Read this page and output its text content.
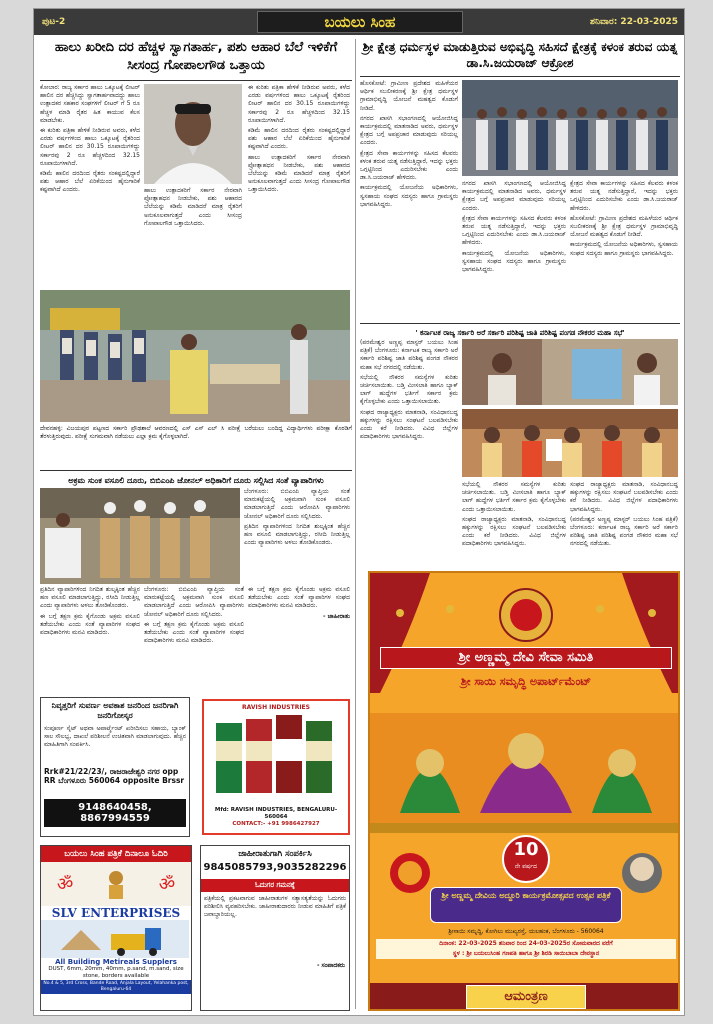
ಪುಟ-2	ಬಯಲು ಸಿಂಹ	ಶನಿವಾರ: 22-03-2025
ಹಾಲು ಖರೀದಿ ದರ ಹೆಚ್ಚಳ ಸ್ವಾಗತಾರ್ಹ, ಪಶು ಆಹಾರ ಬೆಲೆ ಇಳಿಕೆಗೆ ಸೀಸಂದ್ರ ಗೋಪಾಲಗೌಡ ಒತ್ತಾಯ

ಕೋಲಾರ: ರಾಜ್ಯ ಸರ್ಕಾರ ಹಾಲು ಒಕ್ಕೂಟಕ್ಕೆ ಲೀಟರ್ ಹಾಲಿನ ದರ ಹೆಚ್ಚಿಸಿದ್ದು ಸ್ವಾಗತಾರ್ಹವಾದದ್ದು ಹಾಲು ಉತ್ಪಾದಕರ ಸಹಕಾರ ಸಂಘಗಳಿಗೆ ಲೀಟರ್ ಗೆ 5 ರೂ ಹೆಚ್ಚಳ ಮಾಡಿ ರೈತರ ಹಿತ ಕಾಯುವ ಕೆಲಸ ಮಾಡಬೇಕು.

ಈ ಕುರಿತು ಪತ್ರಿಕಾ ಹೇಳಿಕೆ ನೀಡಿರುವ ಅವರು, ಕಳೆದ ಎರಡು ವರ್ಷಗಳಿಂದ ಹಾಲು ಒಕ್ಕೂಟಕ್ಕೆ ರೈತರಿಂದ ಲೀಟರ್ ಹಾಲಿನ ದರ 30.15 ರೂಪಾಯಿಗಳಿದ್ದು ಸರ್ಕಾರವು 2 ರೂ ಹೆಚ್ಚಳದಿಂದ 32.15 ರೂಪಾಯಿಗಳಾಗಿದೆ.

ಕಡಿಮೆ ಹಾಲಿನ ದರದಿಂದ ರೈತರು ಸಂಕಷ್ಟದಲ್ಲಿದ್ದಾರೆ ಪಶು ಆಹಾರ ಬೆಲೆ ಏರಿಕೆಯಿಂದ ಹೈನುಗಾರಿಕೆ ಕಷ್ಟವಾಗಿದೆ ಎಂದರು.	ಹಾಲು ಉತ್ಪಾದಕರಿಗೆ ಸರ್ಕಾರ ನೇರವಾಗಿ ಪ್ರೋತ್ಸಾಹಧನ ನೀಡಬೇಕು, ಪಶು ಆಹಾರದ ಬೆಲೆಯನ್ನು ಕಡಿಮೆ ಮಾಡಿದರೆ ಮಾತ್ರ ರೈತರಿಗೆ ಅನುಕೂಲವಾಗುತ್ತದೆ ಎಂದು ಸೀಸಂದ್ರ ಗೋಪಾಲಗೌಡ ಒತ್ತಾಯಿಸಿದರು.

ಈ ಕುರಿತು ಪತ್ರಿಕಾ ಹೇಳಿಕೆ ನೀಡಿರುವ ಅವರು, ಕಳೆದ ಎರಡು ವರ್ಷಗಳಿಂದ ಹಾಲು ಒಕ್ಕೂಟಕ್ಕೆ ರೈತರಿಂದ ಲೀಟರ್ ಹಾಲಿನ ದರ 30.15 ರೂಪಾಯಿಗಳಿದ್ದು ಸರ್ಕಾರವು 2 ರೂ ಹೆಚ್ಚಳದಿಂದ 32.15 ರೂಪಾಯಿಗಳಾಗಿದೆ.

ಕಡಿಮೆ ಹಾಲಿನ ದರದಿಂದ ರೈತರು ಸಂಕಷ್ಟದಲ್ಲಿದ್ದಾರೆ ಪಶು ಆಹಾರ ಬೆಲೆ ಏರಿಕೆಯಿಂದ ಹೈನುಗಾರಿಕೆ ಕಷ್ಟವಾಗಿದೆ ಎಂದರು.

ಹಾಲು ಉತ್ಪಾದಕರಿಗೆ ಸರ್ಕಾರ ನೇರವಾಗಿ ಪ್ರೋತ್ಸಾಹಧನ ನೀಡಬೇಕು, ಪಶು ಆಹಾರದ ಬೆಲೆಯನ್ನು ಕಡಿಮೆ ಮಾಡಿದರೆ ಮಾತ್ರ ರೈತರಿಗೆ ಅನುಕೂಲವಾಗುತ್ತದೆ ಎಂದು ಸೀಸಂದ್ರ ಗೋಪಾಲಗೌಡ ಒತ್ತಾಯಿಸಿದರು.

ದೇವನಹಳ್ಳಿ: ವಿಜಯಪುರ ಪಟ್ಟಣದ ಸರ್ಕಾರಿ ಪ್ರೌಢಶಾಲೆ ಆವರಣದಲ್ಲಿ ಎಸ್ ಎಸ್ ಎಲ್ ಸಿ ಪರೀಕ್ಷೆ ಬರೆಯಲು ಬಂದಿದ್ದ ವಿದ್ಯಾರ್ಥಿಗಳು ಪರೀಕ್ಷಾ ಕೊಠಡಿಗೆ ತೆರಳುತ್ತಿರುವುದು. ಪರೀಕ್ಷೆ ಸುಗಮವಾಗಿ ನಡೆಯಲು ಎಲ್ಲಾ ಕ್ರಮ ಕೈಗೊಳ್ಳಲಾಗಿದೆ.
ಅಕ್ರಮ ಸುಂಕ ವಸೂಲಿ ದೂರು, ಬಿಬಿಎಂಪಿ ಜೋನಲ್ ಅಧಿಕಾರಿಗೆ ದೂರು ಸಲ್ಲಿಸಿದ ಸಂತೆ ವ್ಯಾಪಾರಿಗಳು

ಬೆಂಗಳೂರು: ಬಿಬಿಎಂಪಿ ವ್ಯಾಪ್ತಿಯ ಸಂತೆ ಮಾರುಕಟ್ಟೆಯಲ್ಲಿ ಅಕ್ರಮವಾಗಿ ಸುಂಕ ವಸೂಲಿ ಮಾಡಲಾಗುತ್ತಿದೆ ಎಂದು ಆರೋಪಿಸಿ ವ್ಯಾಪಾರಿಗಳು ಜೋನಲ್ ಅಧಿಕಾರಿಗೆ ದೂರು ಸಲ್ಲಿಸಿದರು.

ಪ್ರತಿದಿನ ವ್ಯಾಪಾರಿಗಳಿಂದ ನಿಗದಿತ ಶುಲ್ಕಕ್ಕಿಂತ ಹೆಚ್ಚಿನ ಹಣ ವಸೂಲಿ ಮಾಡಲಾಗುತ್ತಿದ್ದು, ರಸೀದಿ ನೀಡುತ್ತಿಲ್ಲ ಎಂದು ವ್ಯಾಪಾರಿಗಳು ಅಳಲು ತೋಡಿಕೊಂಡರು.

ಪ್ರತಿದಿನ ವ್ಯಾಪಾರಿಗಳಿಂದ ನಿಗದಿತ ಶುಲ್ಕಕ್ಕಿಂತ ಹೆಚ್ಚಿನ ಹಣ ವಸೂಲಿ ಮಾಡಲಾಗುತ್ತಿದ್ದು, ರಸೀದಿ ನೀಡುತ್ತಿಲ್ಲ ಎಂದು ವ್ಯಾಪಾರಿಗಳು ಅಳಲು ತೋಡಿಕೊಂಡರು.

ಈ ಬಗ್ಗೆ ತಕ್ಷಣ ಕ್ರಮ ಕೈಗೊಂಡು ಅಕ್ರಮ ವಸೂಲಿ ತಡೆಯಬೇಕು ಎಂದು ಸಂತೆ ವ್ಯಾಪಾರಿಗಳ ಸಂಘದ ಪದಾಧಿಕಾರಿಗಳು ಮನವಿ ಮಾಡಿದರು.

ಬೆಂಗಳೂರು: ಬಿಬಿಎಂಪಿ ವ್ಯಾಪ್ತಿಯ ಸಂತೆ ಮಾರುಕಟ್ಟೆಯಲ್ಲಿ ಅಕ್ರಮವಾಗಿ ಸುಂಕ ವಸೂಲಿ ಮಾಡಲಾಗುತ್ತಿದೆ ಎಂದು ಆರೋಪಿಸಿ ವ್ಯಾಪಾರಿಗಳು ಜೋನಲ್ ಅಧಿಕಾರಿಗೆ ದೂರು ಸಲ್ಲಿಸಿದರು.

ಈ ಬಗ್ಗೆ ತಕ್ಷಣ ಕ್ರಮ ಕೈಗೊಂಡು ಅಕ್ರಮ ವಸೂಲಿ ತಡೆಯಬೇಕು ಎಂದು ಸಂತೆ ವ್ಯಾಪಾರಿಗಳ ಸಂಘದ ಪದಾಧಿಕಾರಿಗಳು ಮನವಿ ಮಾಡಿದರು.

ಈ ಬಗ್ಗೆ ತಕ್ಷಣ ಕ್ರಮ ಕೈಗೊಂಡು ಅಕ್ರಮ ವಸೂಲಿ ತಡೆಯಬೇಕು ಎಂದು ಸಂತೆ ವ್ಯಾಪಾರಿಗಳ ಸಂಘದ ಪದಾಧಿಕಾರಿಗಳು ಮನವಿ ಮಾಡಿದರು.

- ಜಾಹೀರಾತು

ನಿವೃತ್ತರಿಗೆ ಸುವರ್ಣ ಅವಕಾಶ ಜನರಿಂದ ಜನರಿಗಾಗಿ ಜನರಿಗೋಸ್ಕರ
ಸಂಪೂರ್ಣ ಸೈಟ್ ಅಥವಾ ಅಪಾರ್ಟ್ಮೆಂಟ್ ಖರೀದಿಸಲು ಸಹಾಯ, ಬ್ಯಾಂಕ್ ಸಾಲ ಸೌಲಭ್ಯ, ದಾಖಲೆ ಪರಿಶೀಲನೆ ಉಚಿತವಾಗಿ ಮಾಡಲಾಗುವುದು. ಹೆಚ್ಚಿನ ಮಾಹಿತಿಗಾಗಿ ಸಂಪರ್ಕಿಸಿ.
Rrk#21/22/23/, ರಾಜರಾಜೇಶ್ವರಿ ನಗರ opp RR ಬೆಂಗಳೂರು 560064 opposite Brssr
9148640458, 8867994559
RAVISH INDUSTRIES
Mfd: RAVISH INDUSTRIES, BENGALURU-560064
CONTACT:- +91 9986427927
ಬಯಲು ಸಿಂಹ ಪತ್ರಿಕೆ ದಿನಾಲೂ ಓದಿರಿ
ॐ	ॐ
SLV ENTERPRISES
All Building Metireals Supplers
DUST, 6mm, 20mm, 40mm, p.sand, m.sand, size stone, borders available
No.4 & 5, 3rd Cross, Bande Road, Anjala Layout, Yelahanka post, Bengaluru-64
ಜಾಹೀರಾತುಗಾಗಿ ಸಂಪರ್ಕಿಸಿ
9845085793,9035282296
ಓದುಗರ ಗಮನಕ್ಕೆ
ಪತ್ರಿಕೆಯಲ್ಲಿ ಪ್ರಕಟವಾಗುವ ಜಾಹೀರಾತುಗಳ ಸತ್ಯಾಸತ್ಯತೆಯನ್ನು ಓದುಗರು ಪರಿಶೀಲಿಸಿ ವ್ಯವಹರಿಸಬೇಕು. ಜಾಹೀರಾತುದಾರರು ನೀಡುವ ಮಾಹಿತಿಗೆ ಪತ್ರಿಕೆ ಜವಾಬ್ದಾರಿಯಲ್ಲ.
- ಸಂಪಾದಕರು
ಶ್ರೀ ಕ್ಷೇತ್ರ ಧರ್ಮಸ್ಥಳ ಮಾಡುತ್ತಿರುವ ಅಭಿವೃದ್ಧಿ ಸಹಿಸದೆ ಕ್ಷೇತ್ರಕ್ಕೆ ಕಳಂಕ ತರುವ ಯತ್ನ ಡಾ.ಸಿ.ಜಯರಾಜ್ ಆಕ್ರೋಶ

ಹೊಸಕೋಟೆ: ಗ್ರಾಮೀಣ ಪ್ರದೇಶದ ಮಹಿಳೆಯರ ಆರ್ಥಿಕ ಸಬಲೀಕರಣಕ್ಕೆ ಶ್ರೀ ಕ್ಷೇತ್ರ ಧರ್ಮಸ್ಥಳ ಗ್ರಾಮಾಭಿವೃದ್ಧಿ ಯೋಜನೆ ಮಹತ್ವದ ಕೊಡುಗೆ ನೀಡಿದೆ.

ನಗರದ ಖಾಸಗಿ ಸಭಾಂಗಣದಲ್ಲಿ ಆಯೋಜಿಸಿದ್ದ ಕಾರ್ಯಕ್ರಮದಲ್ಲಿ ಮಾತನಾಡಿದ ಅವರು, ಧರ್ಮಸ್ಥಳ ಕ್ಷೇತ್ರದ ಬಗ್ಗೆ ಅಪಪ್ರಚಾರ ಮಾಡುವುದು ಸರಿಯಲ್ಲ ಎಂದರು.

ಕ್ಷೇತ್ರದ ಸೇವಾ ಕಾರ್ಯಗಳನ್ನು ಸಹಿಸದ ಕೆಲವರು ಕಳಂಕ ತರುವ ಯತ್ನ ನಡೆಸುತ್ತಿದ್ದಾರೆ, ಇದನ್ನು ಭಕ್ತರು ಒಗ್ಗಟ್ಟಿನಿಂದ ಎದುರಿಸಬೇಕು ಎಂದು ಡಾ.ಸಿ.ಜಯರಾಜ್ ಹೇಳಿದರು.

ಕಾರ್ಯಕ್ರಮದಲ್ಲಿ ಯೋಜನೆಯ ಅಧಿಕಾರಿಗಳು, ಸ್ವಸಹಾಯ ಸಂಘದ ಸದಸ್ಯರು ಹಾಗೂ ಗ್ರಾಮಸ್ಥರು ಭಾಗವಹಿಸಿದ್ದರು.

ನಗರದ ಖಾಸಗಿ ಸಭಾಂಗಣದಲ್ಲಿ ಆಯೋಜಿಸಿದ್ದ ಕಾರ್ಯಕ್ರಮದಲ್ಲಿ ಮಾತನಾಡಿದ ಅವರು, ಧರ್ಮಸ್ಥಳ ಕ್ಷೇತ್ರದ ಬಗ್ಗೆ ಅಪಪ್ರಚಾರ ಮಾಡುವುದು ಸರಿಯಲ್ಲ ಎಂದರು.

ಕ್ಷೇತ್ರದ ಸೇವಾ ಕಾರ್ಯಗಳನ್ನು ಸಹಿಸದ ಕೆಲವರು ಕಳಂಕ ತರುವ ಯತ್ನ ನಡೆಸುತ್ತಿದ್ದಾರೆ, ಇದನ್ನು ಭಕ್ತರು ಒಗ್ಗಟ್ಟಿನಿಂದ ಎದುರಿಸಬೇಕು ಎಂದು ಡಾ.ಸಿ.ಜಯರಾಜ್ ಹೇಳಿದರು.

ಕಾರ್ಯಕ್ರಮದಲ್ಲಿ ಯೋಜನೆಯ ಅಧಿಕಾರಿಗಳು, ಸ್ವಸಹಾಯ ಸಂಘದ ಸದಸ್ಯರು ಹಾಗೂ ಗ್ರಾಮಸ್ಥರು ಭಾಗವಹಿಸಿದ್ದರು.

ಕ್ಷೇತ್ರದ ಸೇವಾ ಕಾರ್ಯಗಳನ್ನು ಸಹಿಸದ ಕೆಲವರು ಕಳಂಕ ತರುವ ಯತ್ನ ನಡೆಸುತ್ತಿದ್ದಾರೆ, ಇದನ್ನು ಭಕ್ತರು ಒಗ್ಗಟ್ಟಿನಿಂದ ಎದುರಿಸಬೇಕು ಎಂದು ಡಾ.ಸಿ.ಜಯರಾಜ್ ಹೇಳಿದರು.

ಹೊಸಕೋಟೆ: ಗ್ರಾಮೀಣ ಪ್ರದೇಶದ ಮಹಿಳೆಯರ ಆರ್ಥಿಕ ಸಬಲೀಕರಣಕ್ಕೆ ಶ್ರೀ ಕ್ಷೇತ್ರ ಧರ್ಮಸ್ಥಳ ಗ್ರಾಮಾಭಿವೃದ್ಧಿ ಯೋಜನೆ ಮಹತ್ವದ ಕೊಡುಗೆ ನೀಡಿದೆ.

ಕಾರ್ಯಕ್ರಮದಲ್ಲಿ ಯೋಜನೆಯ ಅಧಿಕಾರಿಗಳು, ಸ್ವಸಹಾಯ ಸಂಘದ ಸದಸ್ಯರು ಹಾಗೂ ಗ್ರಾಮಸ್ಥರು ಭಾಗವಹಿಸಿದ್ದರು.

' ಕರ್ನಾಟಕ ರಾಜ್ಯ ಸರ್ಕಾರಿ ಅರೆ ಸರ್ಕಾರಿ ಪರಿಶಿಷ್ಟ ಜಾತಿ ಪರಿಶಿಷ್ಟ ಪಂಗಡ ನೌಕರರ ಮಹಾ ಸಭೆ'

(ಪರಮೇಶ್ವರ ಅಣ್ಣಪ್ಪ ಮಾಸ್ಟರ್ ಬಯಲು ಸಿಂಹ ಪತ್ರಿಕೆ) ಬೆಂಗಳೂರು: ಕರ್ನಾಟಕ ರಾಜ್ಯ ಸರ್ಕಾರಿ ಅರೆ ಸರ್ಕಾರಿ ಪರಿಶಿಷ್ಟ ಜಾತಿ ಪರಿಶಿಷ್ಟ ಪಂಗಡ ನೌಕರರ ಮಹಾ ಸಭೆ ನಗರದಲ್ಲಿ ನಡೆಯಿತು.

ಸಭೆಯಲ್ಲಿ ನೌಕರರ ಸಮಸ್ಯೆಗಳ ಕುರಿತು ಚರ್ಚಿಸಲಾಯಿತು. ಬಡ್ತಿ ಮೀಸಲಾತಿ ಹಾಗೂ ಬ್ಯಾಕ್ ಲಾಗ್ ಹುದ್ದೆಗಳ ಭರ್ತಿಗೆ ಸರ್ಕಾರ ಕ್ರಮ ಕೈಗೊಳ್ಳಬೇಕು ಎಂದು ಒತ್ತಾಯಿಸಲಾಯಿತು.

ಸಂಘದ ರಾಜ್ಯಾಧ್ಯಕ್ಷರು ಮಾತನಾಡಿ, ಸಂವಿಧಾನಬದ್ಧ ಹಕ್ಕುಗಳನ್ನು ರಕ್ಷಿಸಲು ಸಂಘಟನೆ ಬಲಪಡಿಸಬೇಕು ಎಂದು ಕರೆ ನೀಡಿದರು. ವಿವಿಧ ಜಿಲ್ಲೆಗಳ ಪದಾಧಿಕಾರಿಗಳು ಭಾಗವಹಿಸಿದ್ದರು.

ಸಭೆಯಲ್ಲಿ ನೌಕರರ ಸಮಸ್ಯೆಗಳ ಕುರಿತು ಚರ್ಚಿಸಲಾಯಿತು. ಬಡ್ತಿ ಮೀಸಲಾತಿ ಹಾಗೂ ಬ್ಯಾಕ್ ಲಾಗ್ ಹುದ್ದೆಗಳ ಭರ್ತಿಗೆ ಸರ್ಕಾರ ಕ್ರಮ ಕೈಗೊಳ್ಳಬೇಕು ಎಂದು ಒತ್ತಾಯಿಸಲಾಯಿತು.

ಸಂಘದ ರಾಜ್ಯಾಧ್ಯಕ್ಷರು ಮಾತನಾಡಿ, ಸಂವಿಧಾನಬದ್ಧ ಹಕ್ಕುಗಳನ್ನು ರಕ್ಷಿಸಲು ಸಂಘಟನೆ ಬಲಪಡಿಸಬೇಕು ಎಂದು ಕರೆ ನೀಡಿದರು. ವಿವಿಧ ಜಿಲ್ಲೆಗಳ ಪದಾಧಿಕಾರಿಗಳು ಭಾಗವಹಿಸಿದ್ದರು.

ಸಂಘದ ರಾಜ್ಯಾಧ್ಯಕ್ಷರು ಮಾತನಾಡಿ, ಸಂವಿಧಾನಬದ್ಧ ಹಕ್ಕುಗಳನ್ನು ರಕ್ಷಿಸಲು ಸಂಘಟನೆ ಬಲಪಡಿಸಬೇಕು ಎಂದು ಕರೆ ನೀಡಿದರು. ವಿವಿಧ ಜಿಲ್ಲೆಗಳ ಪದಾಧಿಕಾರಿಗಳು ಭಾಗವಹಿಸಿದ್ದರು.

(ಪರಮೇಶ್ವರ ಅಣ್ಣಪ್ಪ ಮಾಸ್ಟರ್ ಬಯಲು ಸಿಂಹ ಪತ್ರಿಕೆ) ಬೆಂಗಳೂರು: ಕರ್ನಾಟಕ ರಾಜ್ಯ ಸರ್ಕಾರಿ ಅರೆ ಸರ್ಕಾರಿ ಪರಿಶಿಷ್ಟ ಜಾತಿ ಪರಿಶಿಷ್ಟ ಪಂಗಡ ನೌಕರರ ಮಹಾ ಸಭೆ ನಗರದಲ್ಲಿ ನಡೆಯಿತು.

ಶ್ರೀ ಅಣ್ಣಮ್ಮ ದೇವಿ ಸೇವಾ ಸಮಿತಿ
ಶ್ರೀ ಸಾಯಿ ಸಮೃದ್ಧಿ ಅಪಾರ್ಟ್‌ಮೆಂಟ್
10
ನೇ ವರ್ಷದ
ಶ್ರೀ ಅಣ್ಣಮ್ಮ ದೇವಿಯ ಅದ್ದೂರಿ ಕಾರ್ಯಕ್ರಮೋತ್ಸವದ ಉತ್ಸವ ಪತ್ರಿಕೆ
ಶ್ರೀಸಾಯಿ ಸಮೃದ್ಧಿ, ಕೋಗಿಲು ಮುಖ್ಯರಸ್ತೆ, ಯಲಹಂಕ, ಬೆಂಗಳೂರು - 560064
ದಿನಾಂಕ: 22-03-2025 ಶನಿವಾರ ರಿಂದ 24-03-2025ರ ಸೋಮವಾರದ ವರೆಗೆ
ಸ್ಥಳ : ಶ್ರೀ ಬಯಲುಸಿಂಹ ಗಣಪತಿ ಹಾಗೂ ಶ್ರೀ ಶಿರಡಿ ಸಾಯಿಬಾಬಾ ದೇವಸ್ಥಾನ
ಆಮಂತ್ರಣ
